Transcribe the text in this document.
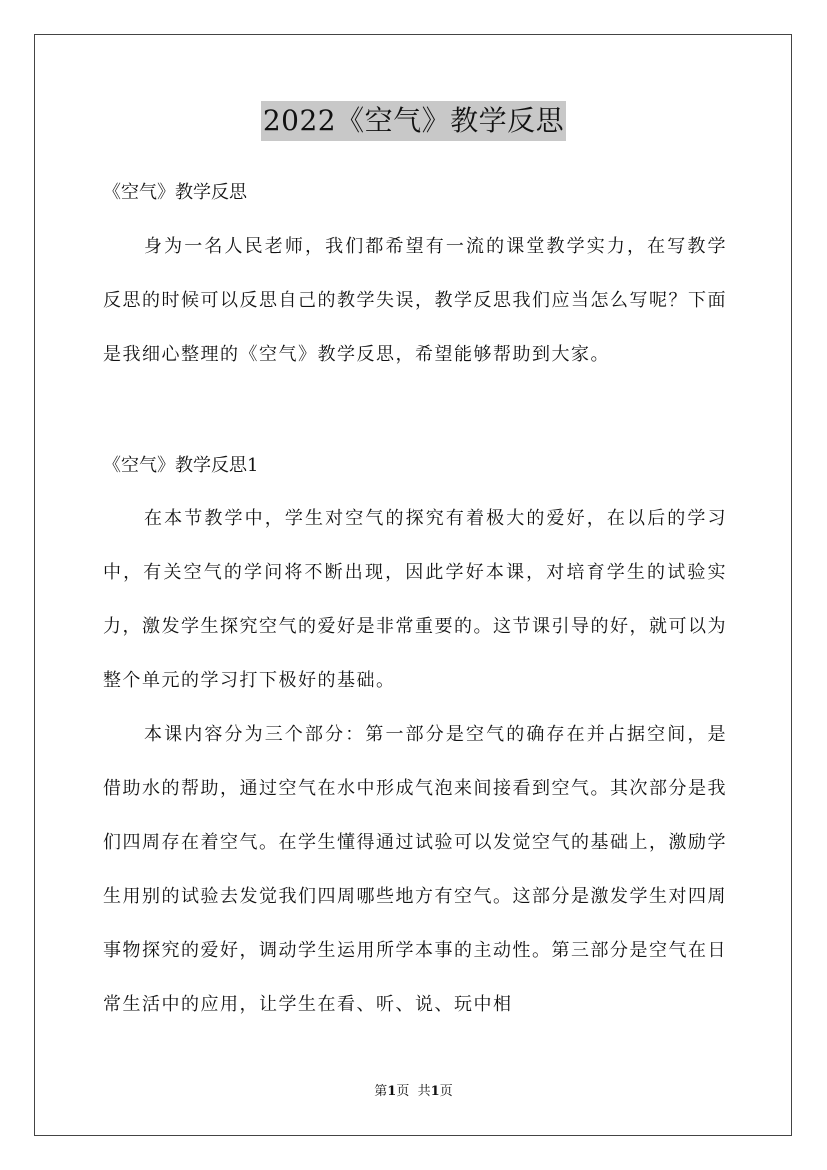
2022《空气》教学反思
《空气》教学反思
身为一名人民老师，我们都希望有一流的课堂教学实力，在写教学反思的时候可以反思自己的教学失误，教学反思我们应当怎么写呢？下面是我细心整理的《空气》教学反思，希望能够帮助到大家。
《空气》教学反思1
在本节教学中，学生对空气的探究有着极大的爱好，在以后的学习中，有关空气的学问将不断出现，因此学好本课，对培育学生的试验实力，激发学生探究空气的爱好是非常重要的。这节课引导的好，就可以为整个单元的学习打下极好的基础。
本课内容分为三个部分：第一部分是空气的确存在并占据空间，是借助水的帮助，通过空气在水中形成气泡来间接看到空气。其次部分是我们四周存在着空气。在学生懂得通过试验可以发觉空气的基础上，激励学生用别的试验去发觉我们四周哪些地方有空气。这部分是激发学生对四周事物探究的爱好，调动学生运用所学本事的主动性。第三部分是空气在日常生活中的应用，让学生在看、听、说、玩中相
第1页 共1页
